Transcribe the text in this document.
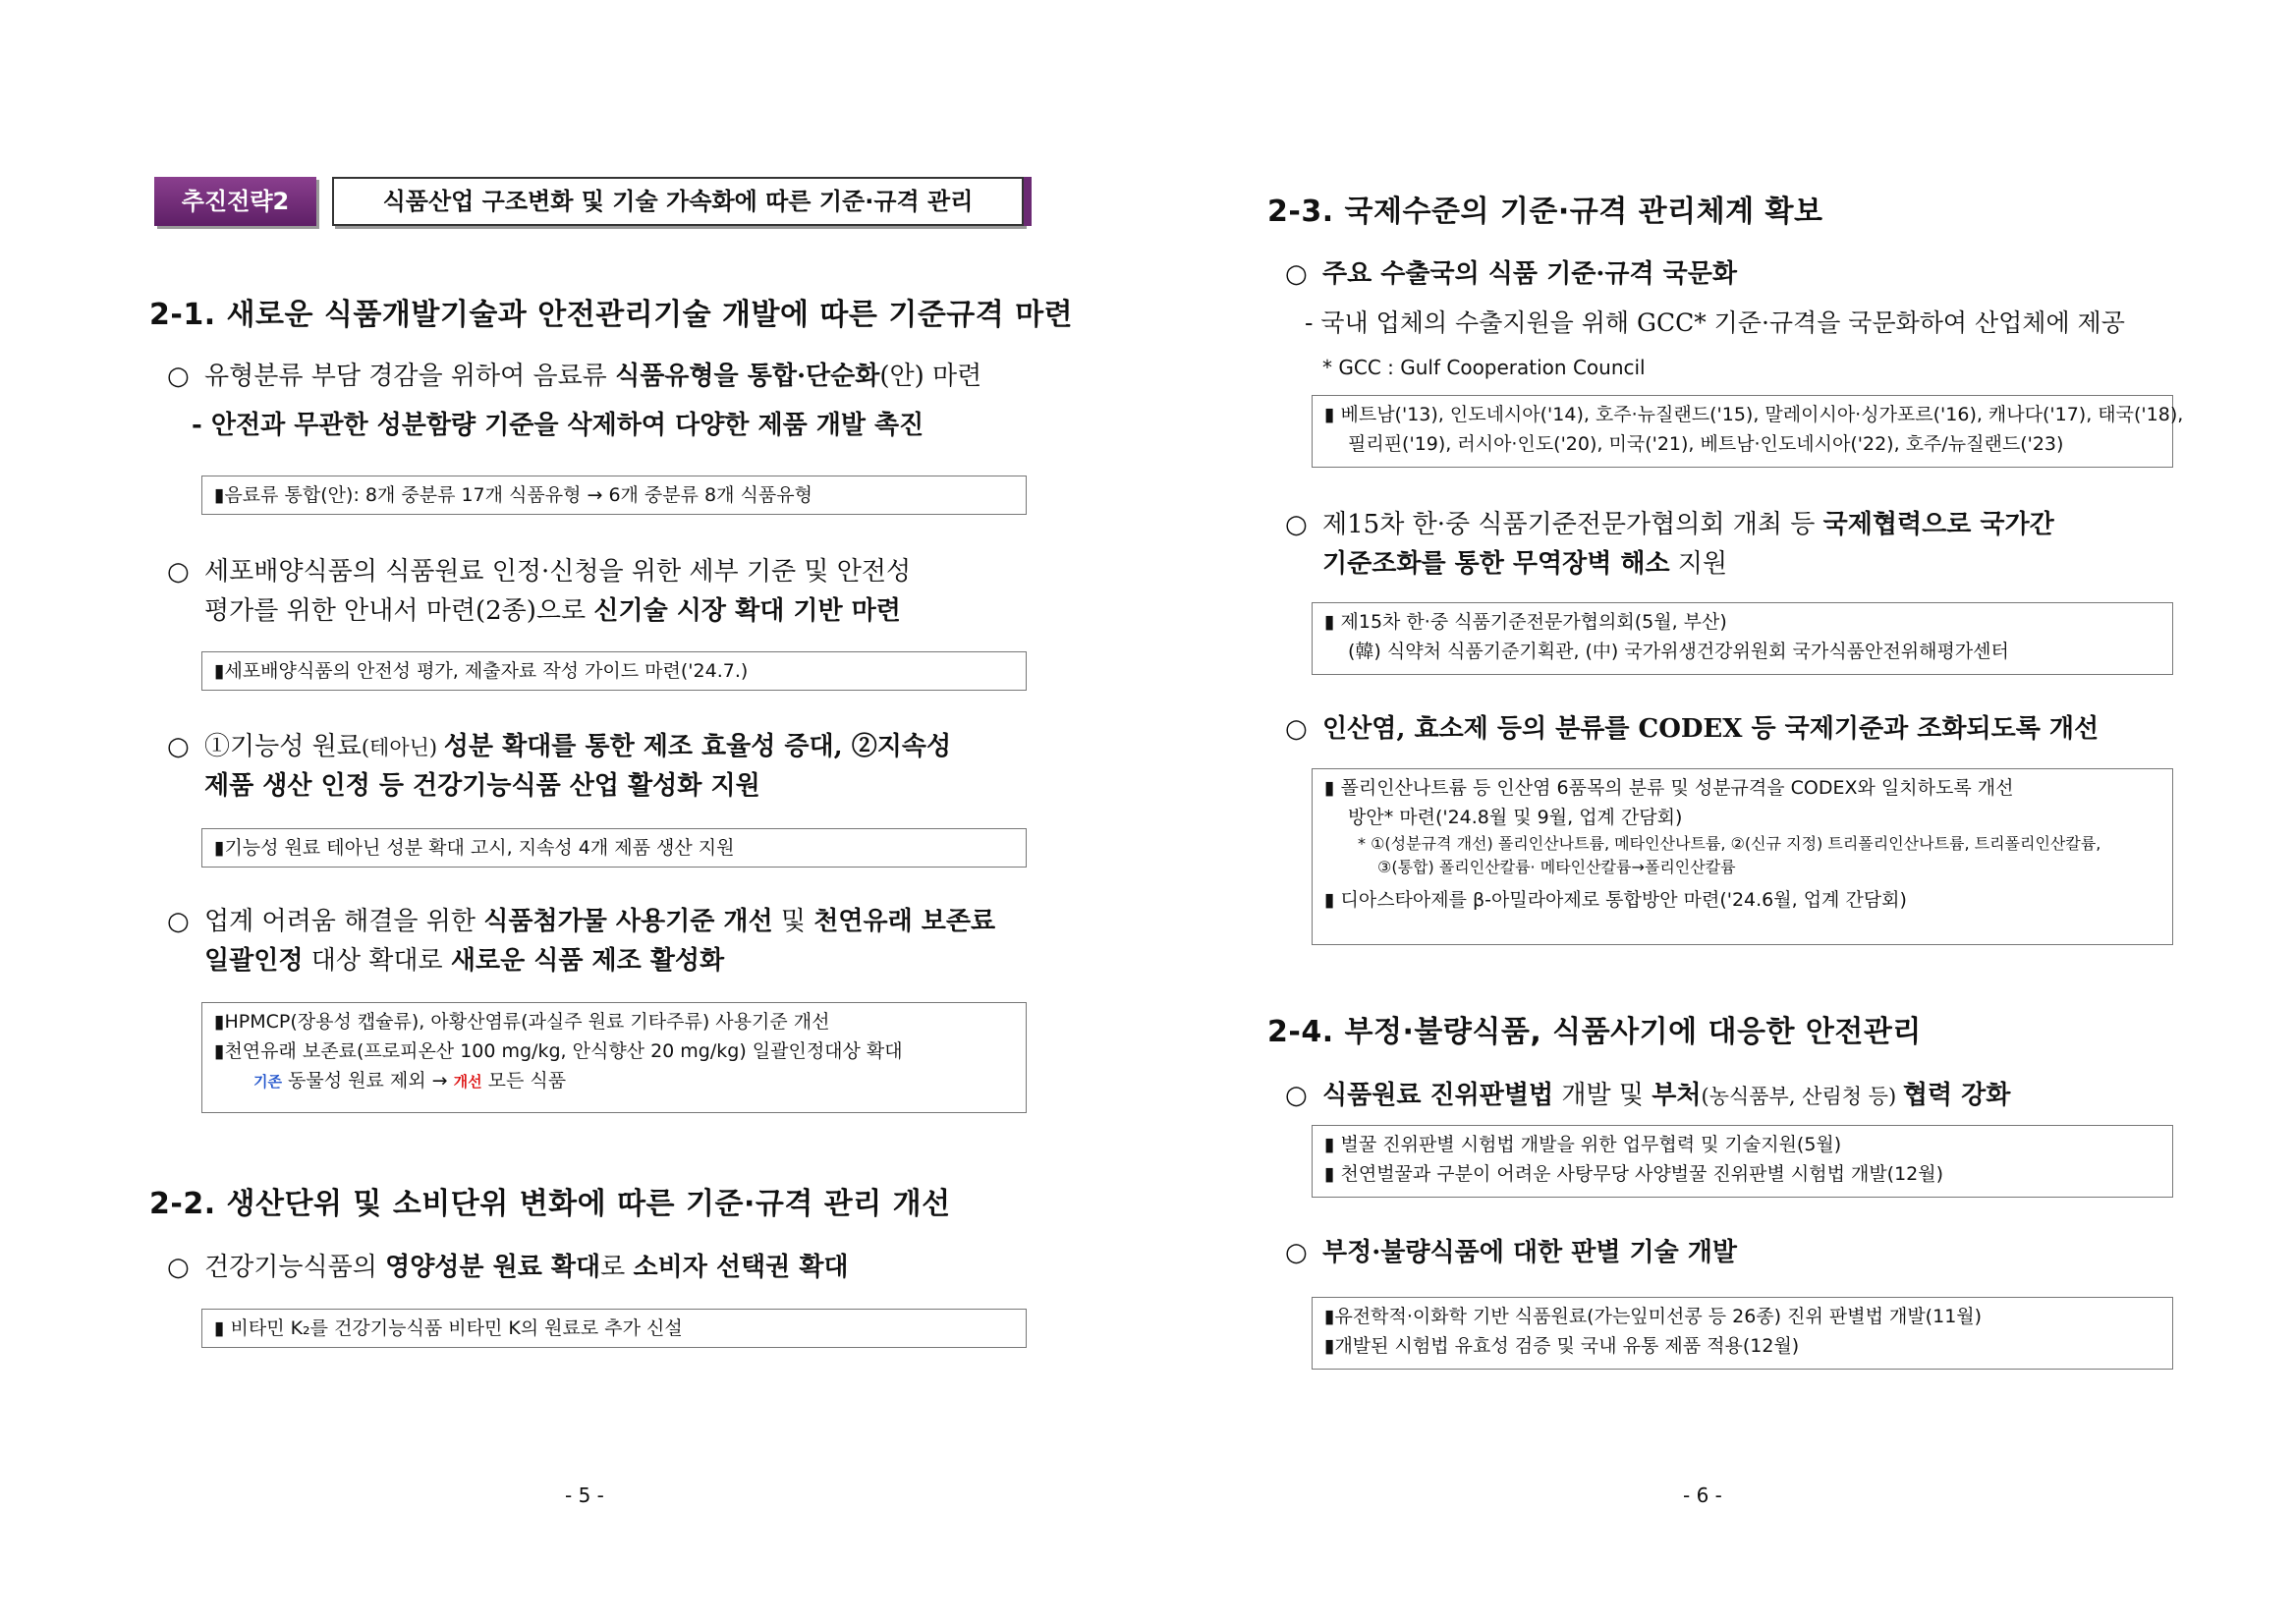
추진전략2	식품산업 구조변화 및 기술 가속화에 따른 기준·규격 관리
2-1. 새로운 식품개발기술과 안전관리기술 개발에 따른 기준규격 마련
○ 유형분류 부담 경감을 위하여 음료류 식품유형을 통합·단순화(안) 마련
- 안전과 무관한 성분함량 기준을 삭제하여 다양한 제품 개발 촉진
▮음료류 통합(안): 8개 중분류 17개 식품유형 → 6개 중분류 8개 식품유형
○ 세포배양식품의 식품원료 인정·신청을 위한 세부 기준 및 안전성
평가를 위한 안내서 마련(2종)으로 신기술 시장 확대 기반 마련
▮세포배양식품의 안전성 평가, 제출자료 작성 가이드 마련('24.7.)
○ ①기능성 원료(테아닌) 성분 확대를 통한 제조 효율성 증대, ②지속성
제품 생산 인정 등 건강기능식품 산업 활성화 지원
▮기능성 원료 테아닌 성분 확대 고시, 지속성 4개 제품 생산 지원
○ 업계 어려움 해결을 위한 식품첨가물 사용기준 개선 및 천연유래 보존료
일괄인정 대상 확대로 새로운 식품 제조 활성화
▮HPMCP(장용성 캡슐류), 아황산염류(과실주 원료 기타주류) 사용기준 개선
▮천연유래 보존료(프로피온산 100 mg/kg, 안식향산 20 mg/kg) 일괄인정대상 확대
기존 동물성 원료 제외 → 개선 모든 식품
2-2. 생산단위 및 소비단위 변화에 따른 기준·규격 관리 개선
○ 건강기능식품의 영양성분 원료 확대로 소비자 선택권 확대
▮ 비타민 K₂를 건강기능식품 비타민 K의 원료로 추가 신설
- 5 -
2-3. 국제수준의 기준·규격 관리체계 확보
○ 주요 수출국의 식품 기준·규격 국문화
- 국내 업체의 수출지원을 위해 GCC* 기준·규격을 국문화하여 산업체에 제공
* GCC : Gulf Cooperation Council
▮ 베트남('13), 인도네시아('14), 호주·뉴질랜드('15), 말레이시아·싱가포르('16), 캐나다('17), 태국('18),
필리핀('19), 러시아·인도('20), 미국('21), 베트남·인도네시아('22), 호주/뉴질랜드('23)
○ 제15차 한·중 식품기준전문가협의회 개최 등 국제협력으로 국가간
기준조화를 통한 무역장벽 해소 지원
▮ 제15차 한·중 식품기준전문가협의회(5월, 부산)
(韓) 식약처 식품기준기획관, (中) 국가위생건강위원회 국가식품안전위해평가센터
○ 인산염, 효소제 등의 분류를 CODEX 등 국제기준과 조화되도록 개선
▮ 폴리인산나트륨 등 인산염 6품목의 분류 및 성분규격을 CODEX와 일치하도록 개선
방안* 마련('24.8월 및 9월, 업계 간담회)
* ①(성분규격 개선) 폴리인산나트륨, 메타인산나트륨, ②(신규 지정) 트리폴리인산나트륨, 트리폴리인산칼륨,
③(통합) 폴리인산칼륨· 메타인산칼륨→폴리인산칼륨
▮ 디아스타아제를 β-아밀라아제로 통합방안 마련('24.6월, 업계 간담회)
2-4. 부정·불량식품, 식품사기에 대응한 안전관리
○ 식품원료 진위판별법 개발 및 부처(농식품부, 산림청 등) 협력 강화
▮ 벌꿀 진위판별 시험법 개발을 위한 업무협력 및 기술지원(5월)
▮ 천연벌꿀과 구분이 어려운 사탕무당 사양벌꿀 진위판별 시험법 개발(12월)
○ 부정·불량식품에 대한 판별 기술 개발
▮유전학적·이화학 기반 식품원료(가는잎미선콩 등 26종) 진위 판별법 개발(11월)
▮개발된 시험법 유효성 검증 및 국내 유통 제품 적용(12월)
- 6 -
